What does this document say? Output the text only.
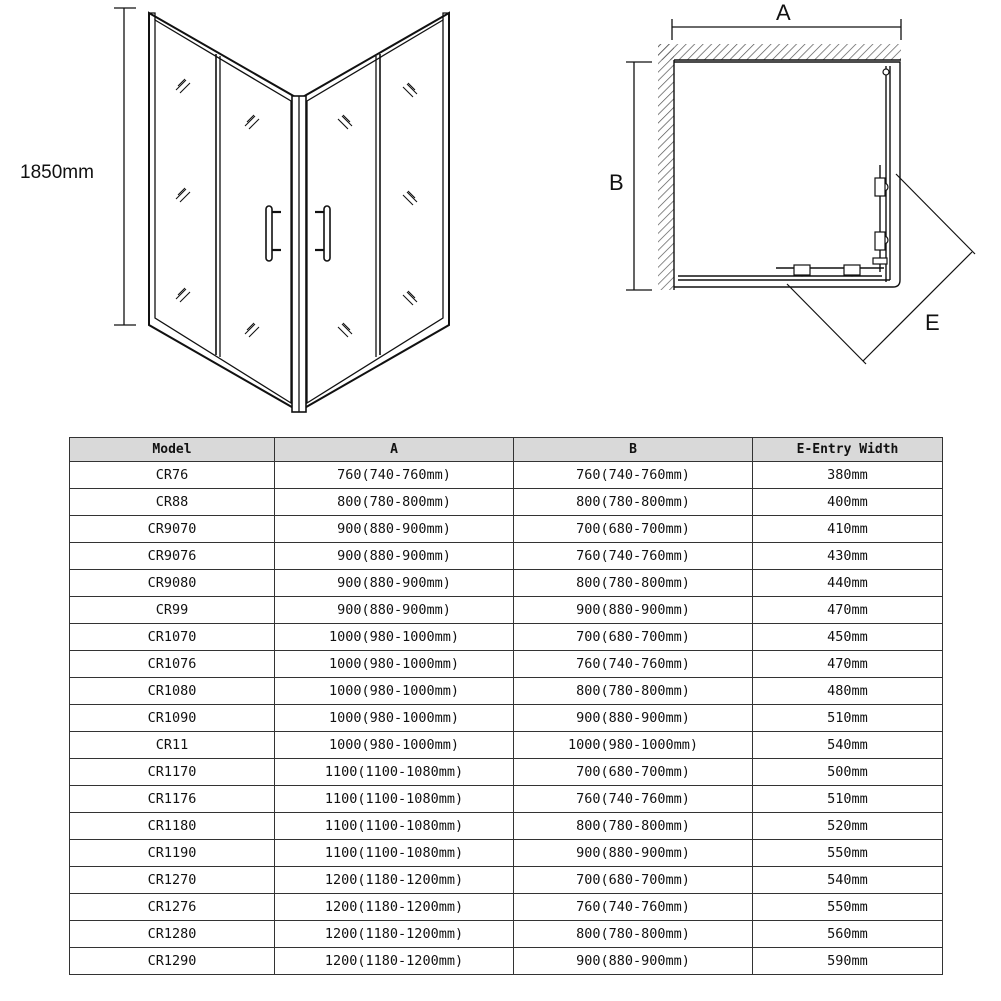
1850mm
A
B
E
Model	A	B	E-Entry Width
CR76	760(740-760mm)	760(740-760mm)	380mm
CR88	800(780-800mm)	800(780-800mm)	400mm
CR9070	900(880-900mm)	700(680-700mm)	410mm
CR9076	900(880-900mm)	760(740-760mm)	430mm
CR9080	900(880-900mm)	800(780-800mm)	440mm
CR99	900(880-900mm)	900(880-900mm)	470mm
CR1070	1000(980-1000mm)	700(680-700mm)	450mm
CR1076	1000(980-1000mm)	760(740-760mm)	470mm
CR1080	1000(980-1000mm)	800(780-800mm)	480mm
CR1090	1000(980-1000mm)	900(880-900mm)	510mm
CR11	1000(980-1000mm)	1000(980-1000mm)	540mm
CR1170	1100(1100-1080mm)	700(680-700mm)	500mm
CR1176	1100(1100-1080mm)	760(740-760mm)	510mm
CR1180	1100(1100-1080mm)	800(780-800mm)	520mm
CR1190	1100(1100-1080mm)	900(880-900mm)	550mm
CR1270	1200(1180-1200mm)	700(680-700mm)	540mm
CR1276	1200(1180-1200mm)	760(740-760mm)	550mm
CR1280	1200(1180-1200mm)	800(780-800mm)	560mm
CR1290	1200(1180-1200mm)	900(880-900mm)	590mm
